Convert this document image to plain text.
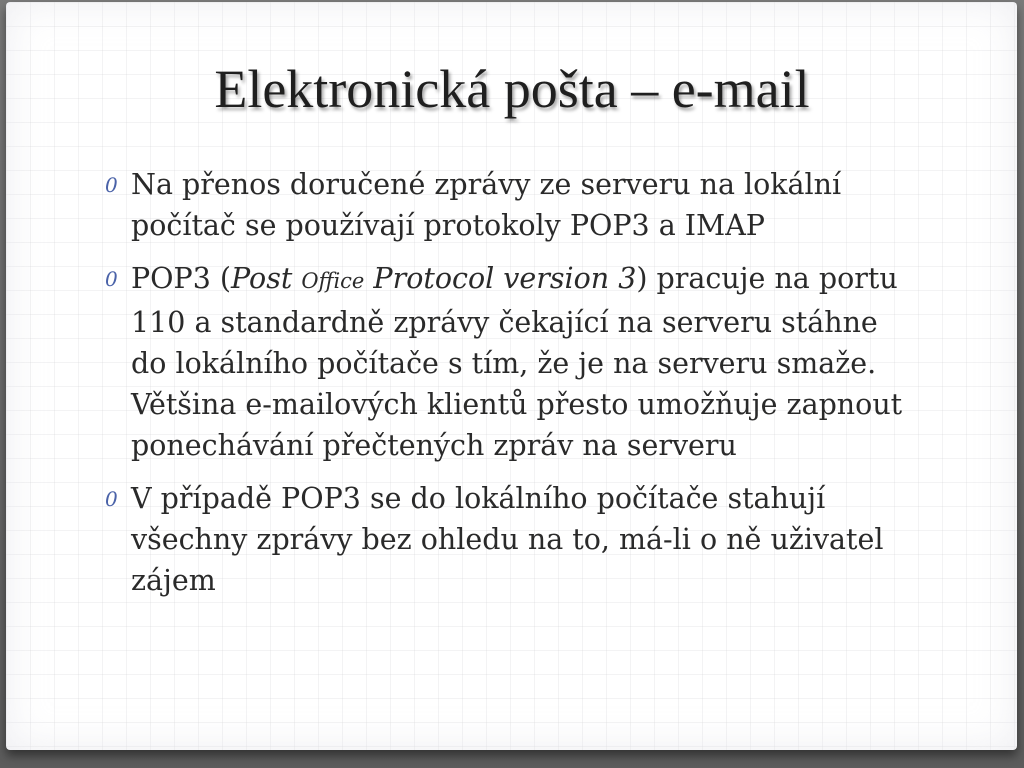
Elektronická pošta – e-mail
0 Na přenos doručené zprávy ze serveru na lokální počítač se používají protokoly POP3 a IMAP
0 POP3 (Post Office Protocol version 3) pracuje na portu 110 a standardně zprávy čekající na serveru stáhne do lokálního počítače s tím, že je na serveru smaže. Většina e-mailových klientů přesto umožňuje zapnout ponechávání přečtených zpráv na serveru
0 V případě POP3 se do lokálního počítače stahují všechny zprávy bez ohledu na to, má-li o ně uživatel zájem
